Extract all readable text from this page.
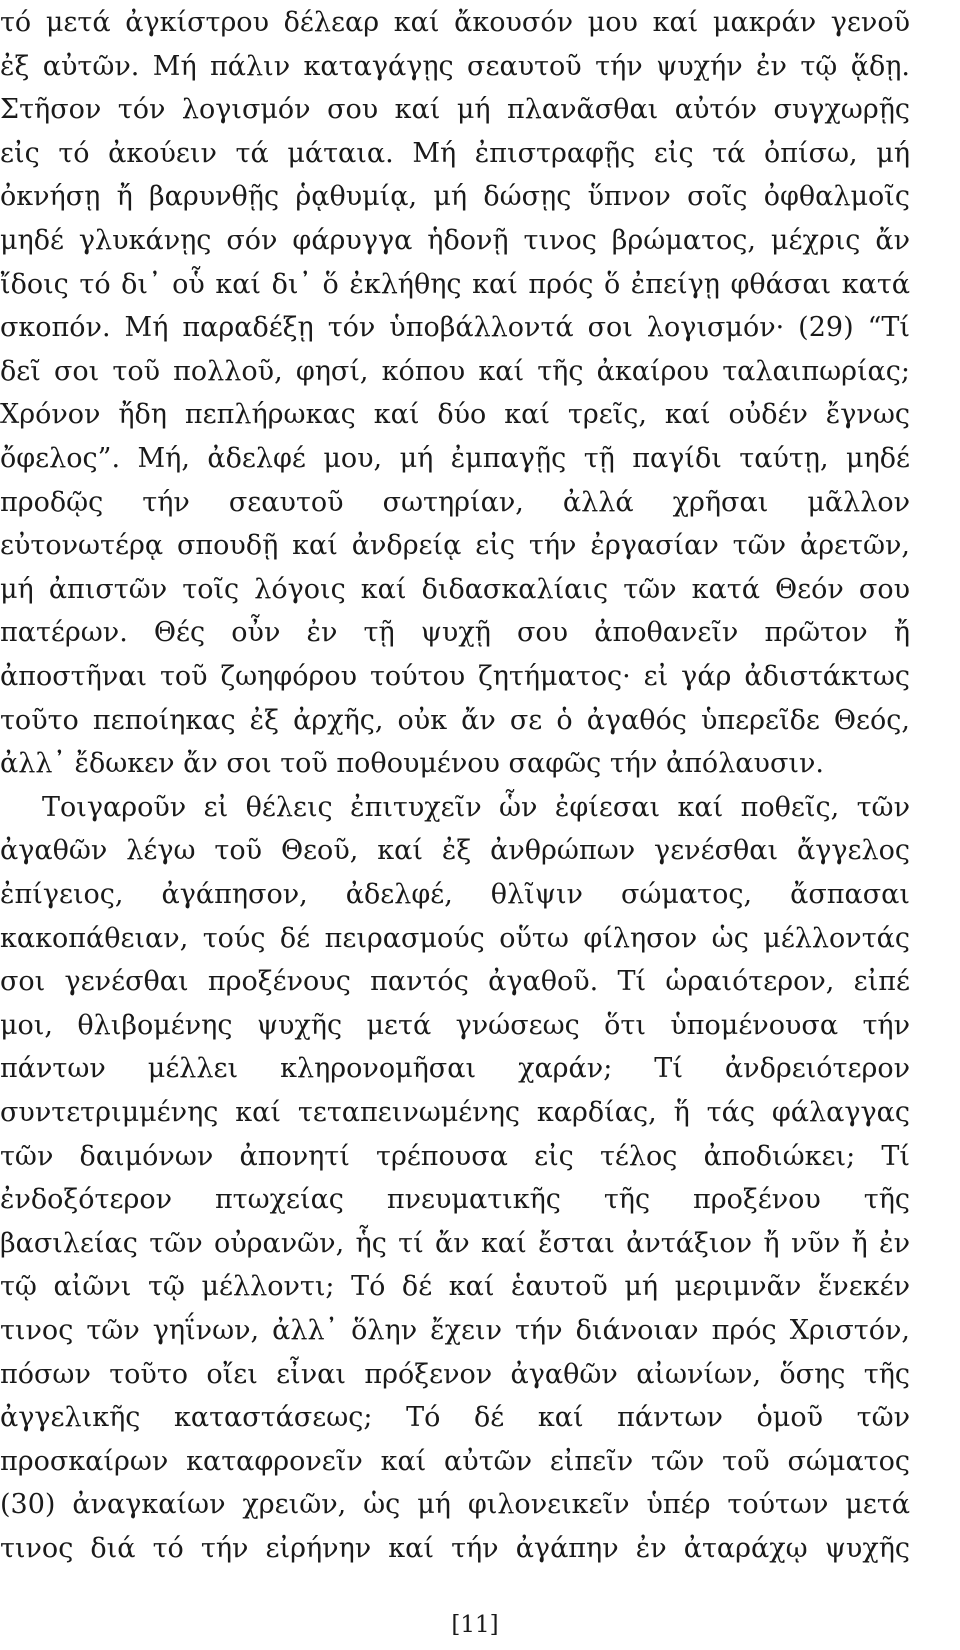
τό μετά ἀγκίστρου δέλεαρ καί ἄκουσόν μου καί μακράν γενοῦ
ἐξ αὐτῶν. Μή πάλιν καταγάγῃς σεαυτοῦ τήν ψυχήν ἐν τῷ ᾅδῃ.
Στῆσον τόν λογισμόν σου καί μή πλανᾶσθαι αὐτόν συγχωρῇς
εἰς τό ἀκούειν τά μάταια. Μή ἐπιστραφῇς εἰς τά ὀπίσω, μή
ὀκνήσῃ ἤ βαρυνθῇς ῥᾳθυμίᾳ, μή δώσῃς ὕπνον σοῖς ὀφθαλμοῖς
μηδέ γλυκάνῃς σόν φάρυγγα ἡδονῇ τινος βρώματος, μέχρις ἄν
ἴδοις τό δι᾽ οὗ καί δι᾽ ὅ ἐκλήθης καί πρός ὅ ἐπείγῃ φθάσαι κατά
σκοπόν. Μή παραδέξῃ τόν ὑποβάλλοντά σοι λογισμόν· (29) “Τί
δεῖ σοι τοῦ πολλοῦ, φησί, κόπου καί τῆς ἀκαίρου ταλαιπωρίας;
Χρόνον ἤδη πεπλήρωκας καί δύο καί τρεῖς, καί οὐδέν ἔγνως
ὄφελος”. Μή, ἀδελφέ μου, μή ἐμπαγῇς τῇ παγίδι ταύτῃ, μηδέ
προδῷς τήν σεαυτοῦ σωτηρίαν, ἀλλά χρῆσαι μᾶλλον
εὐτονωτέρᾳ σπουδῇ καί ἀνδρείᾳ εἰς τήν ἐργασίαν τῶν ἀρετῶν,
μή ἀπιστῶν τοῖς λόγοις καί διδασκαλίαις τῶν κατά Θεόν σου
πατέρων. Θές οὖν ἐν τῇ ψυχῇ σου ἀποθανεῖν πρῶτον ἤ
ἀποστῆναι τοῦ ζωηφόρου τούτου ζητήματος· εἰ γάρ ἀδιστάκτως
τοῦτο πεποίηκας ἐξ ἀρχῆς, οὐκ ἄν σε ὁ ἀγαθός ὑπερεῖδε Θεός,
ἀλλ᾽ ἔδωκεν ἄν σοι τοῦ ποθουμένου σαφῶς τήν ἀπόλαυσιν.
Τοιγαροῦν εἰ θέλεις ἐπιτυχεῖν ὧν ἐφίεσαι καί ποθεῖς, τῶν
ἀγαθῶν λέγω τοῦ Θεοῦ, καί ἐξ ἀνθρώπων γενέσθαι ἄγγελος
ἐπίγειος, ἀγάπησον, ἀδελφέ, θλῖψιν σώματος, ἄσπασαι
κακοπάθειαν, τούς δέ πειρασμούς οὕτω φίλησον ὡς μέλλοντάς
σοι γενέσθαι προξένους παντός ἀγαθοῦ. Τί ὡραιότερον, εἰπέ
μοι, θλιβομένης ψυχῆς μετά γνώσεως ὅτι ὑπομένουσα τήν
πάντων μέλλει κληρονομῆσαι χαράν; Τί ἀνδρειότερον
συντετριμμένης καί τεταπεινωμένης καρδίας, ἥ τάς φάλαγγας
τῶν δαιμόνων ἀπονητί τρέπουσα εἰς τέλος ἀποδιώκει; Τί
ἐνδοξότερον πτωχείας πνευματικῆς τῆς προξένου τῆς
βασιλείας τῶν οὐρανῶν, ἧς τί ἄν καί ἔσται ἀντάξιον ἤ νῦν ἤ ἐν
τῷ αἰῶνι τῷ μέλλοντι; Τό δέ καί ἑαυτοῦ μή μεριμνᾶν ἕνεκέν
τινος τῶν γηΐνων, ἀλλ᾽ ὅλην ἔχειν τήν διάνοιαν πρός Χριστόν,
πόσων τοῦτο οἴει εἶναι πρόξενον ἀγαθῶν αἰωνίων, ὅσης τῆς
ἀγγελικῆς καταστάσεως; Τό δέ καί πάντων ὁμοῦ τῶν
προσκαίρων καταφρονεῖν καί αὐτῶν εἰπεῖν τῶν τοῦ σώματος
(30) ἀναγκαίων χρειῶν, ὡς μή φιλονεικεῖν ὑπέρ τούτων μετά
τινος διά τό τήν εἰρήνην καί τήν ἀγάπην ἐν ἀταράχῳ ψυχῆς
[11]
